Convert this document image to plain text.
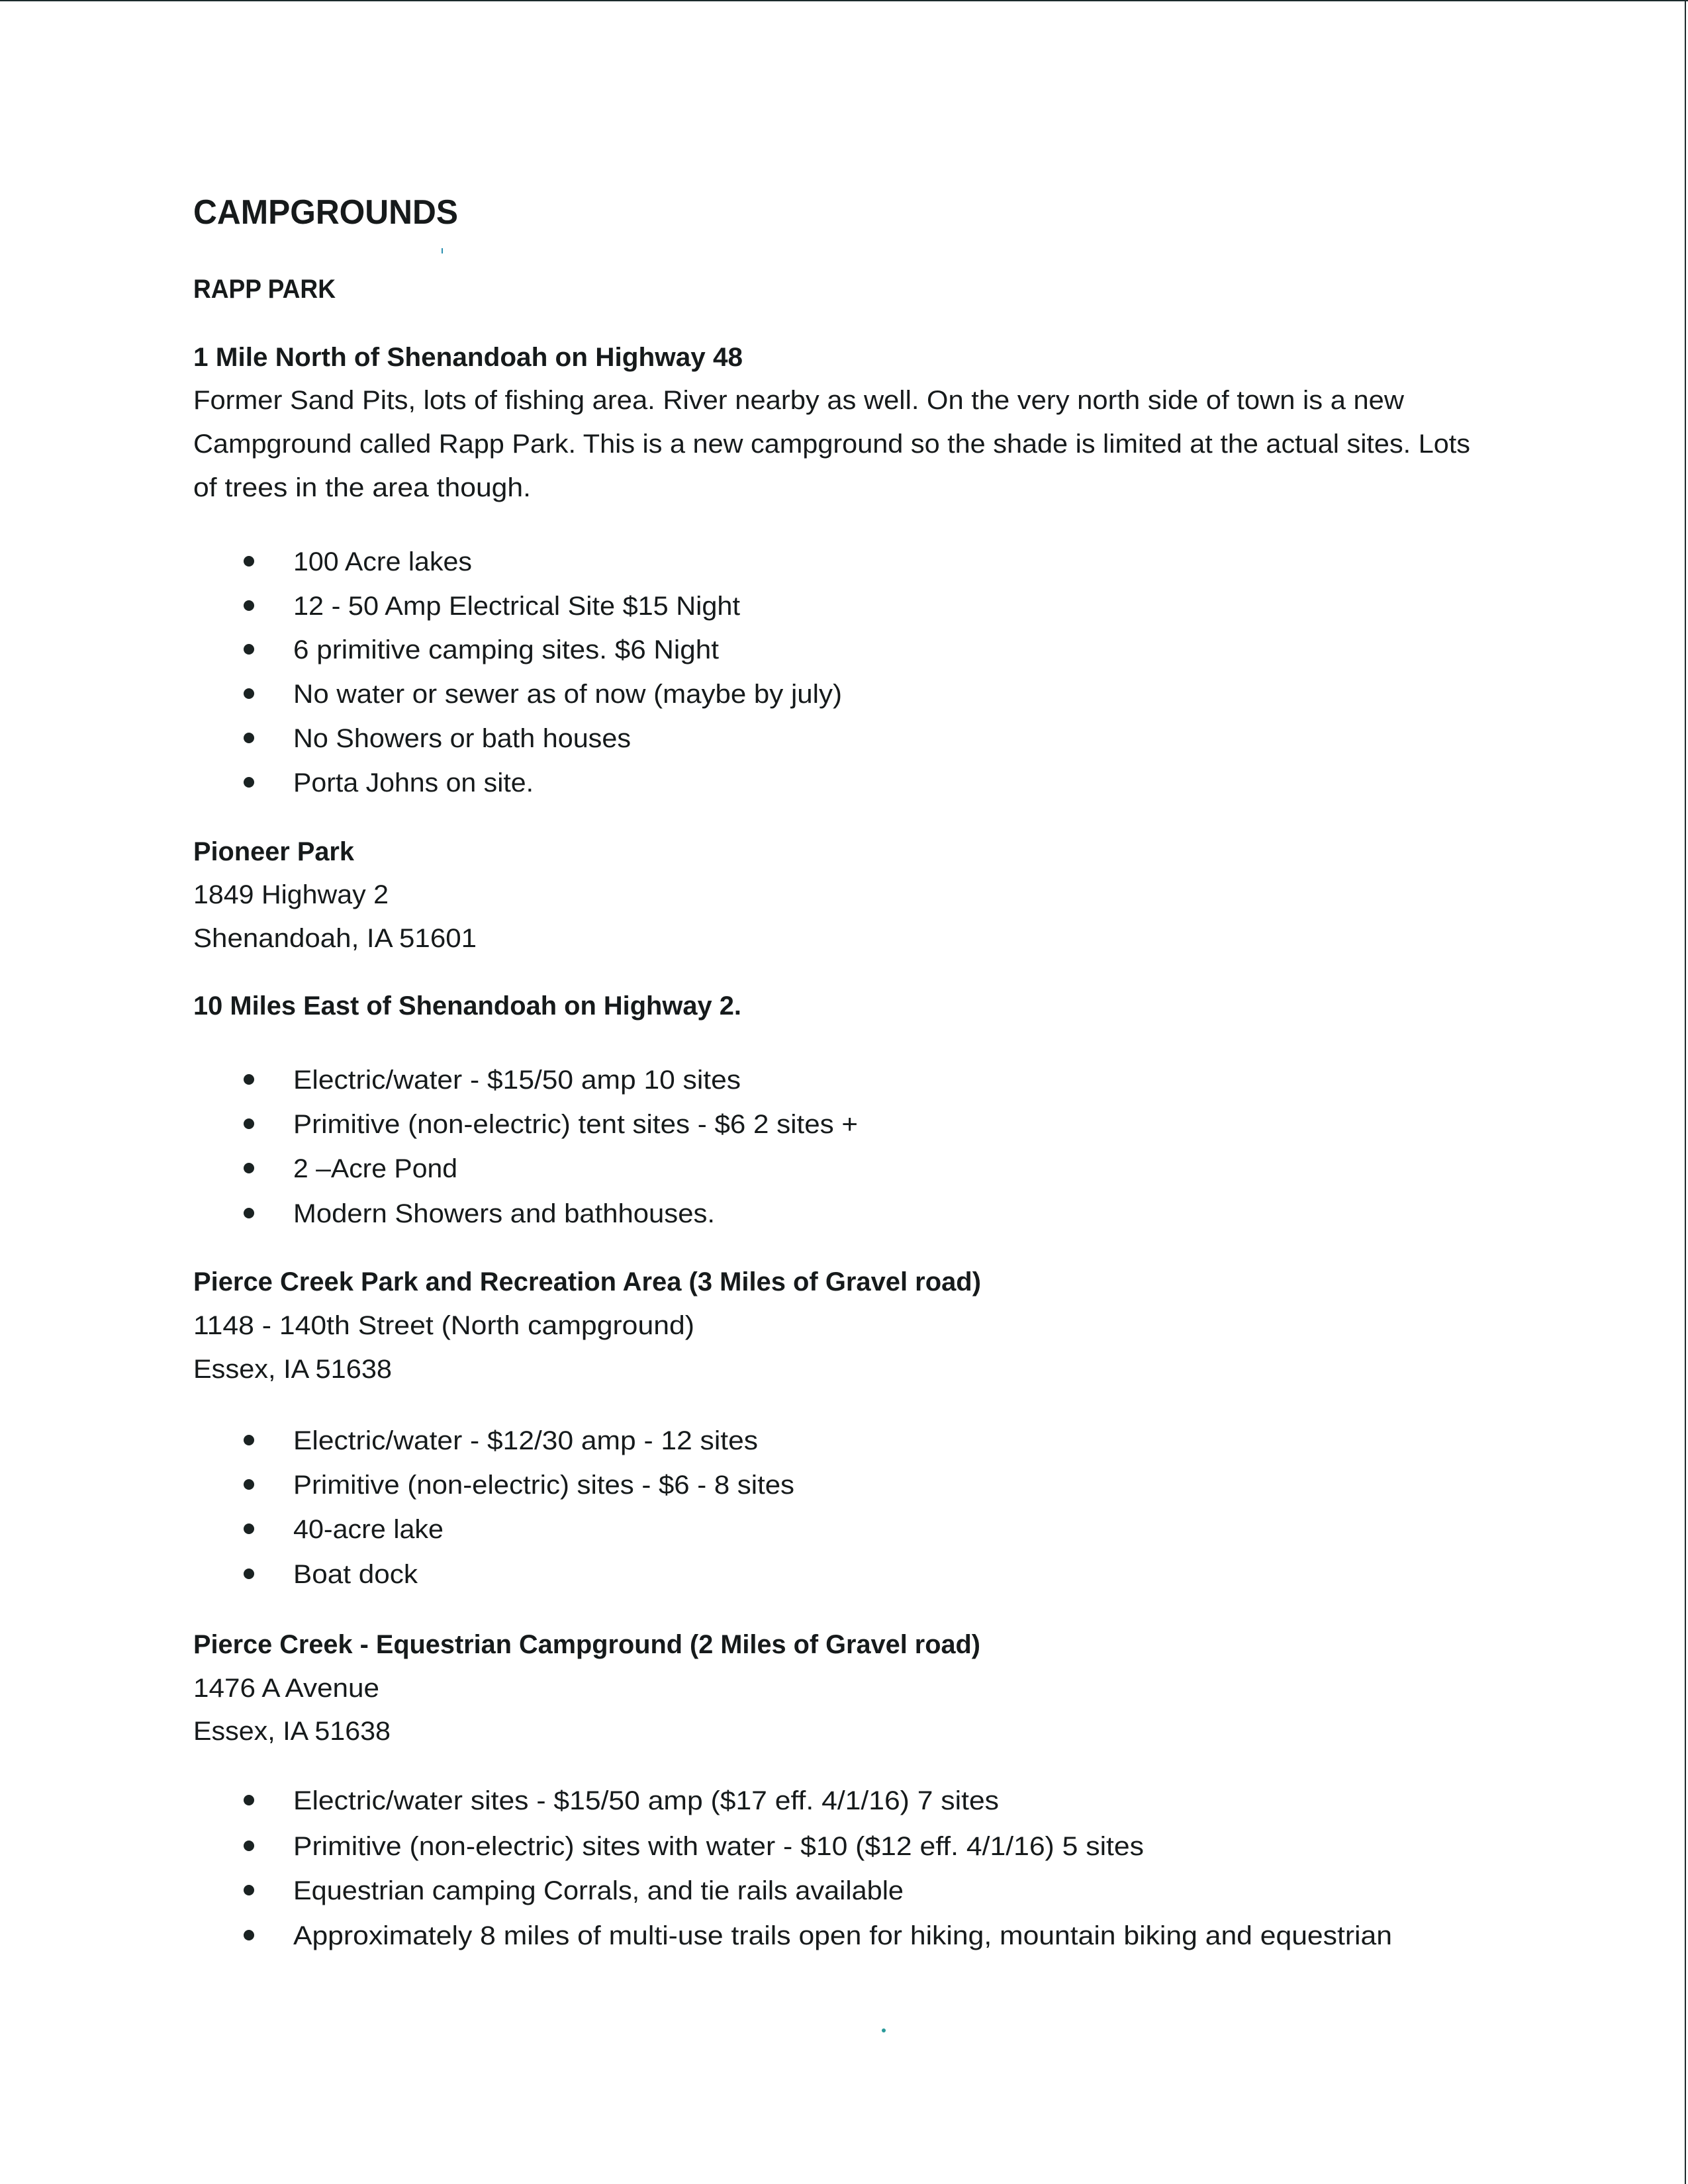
CAMPGROUNDS
RAPP PARK
1 Mile North of Shenandoah on Highway 48
Former Sand Pits, lots of fishing area. River nearby as well. On the very north side of town is a new
Campground called Rapp Park. This is a new campground so the shade is limited at the actual sites. Lots
of trees in the area though.
100 Acre lakes
12 - 50 Amp Electrical Site $15 Night
6 primitive camping sites. $6 Night
No water or sewer as of now (maybe by july)
No Showers or bath houses
Porta Johns on site.
Pioneer Park
1849 Highway 2
Shenandoah, IA 51601
10 Miles East of Shenandoah on Highway 2.
Electric/water - $15/50 amp 10 sites
Primitive (non-electric) tent sites - $6 2 sites +
2 –Acre Pond
Modern Showers and bathhouses.
Pierce Creek Park and Recreation Area (3 Miles of Gravel road)
1148 - 140th Street (North campground)
Essex, IA 51638
Electric/water - $12/30 amp - 12 sites
Primitive (non-electric) sites - $6 - 8 sites
40-acre lake
Boat dock
Pierce Creek - Equestrian Campground (2 Miles of Gravel road)
1476 A Avenue
Essex, IA 51638
Electric/water sites - $15/50 amp ($17 eff. 4/1/16) 7 sites
Primitive (non-electric) sites with water - $10 ($12 eff. 4/1/16) 5 sites
Equestrian camping Corrals, and tie rails available
Approximately 8 miles of multi-use trails open for hiking, mountain biking and equestrian
